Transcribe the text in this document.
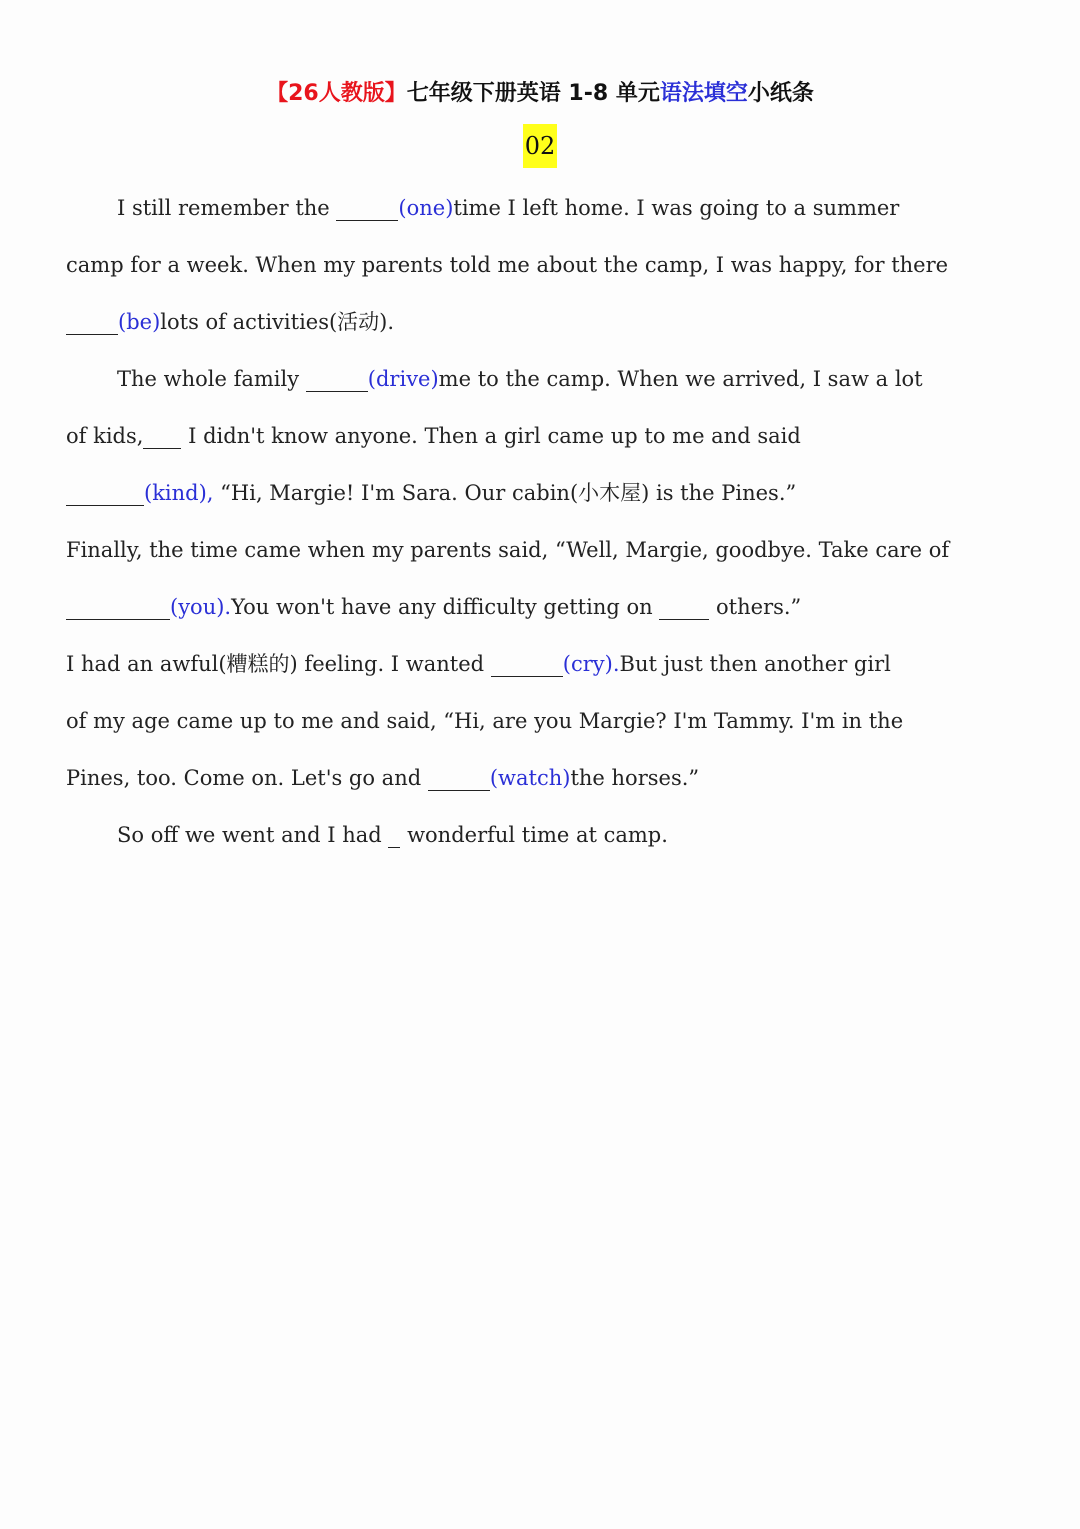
【26人教版】七年级下册英语 1-8 单元语法填空小纸条
02
I still remember the
	(one) time I left home. I was going to a summer
camp for a week. When my parents told me about the camp, I was happy, for there
(be) lots of activities(活动).
The whole family
	(drive) me to the camp. When we arrived, I saw a lot
of kids,
I didn't know anyone. Then a girl came up to me and said
(kind),
“Hi, Margie! I'm Sara. Our cabin(小木屋) is the Pines.”
Finally, the time came when my parents said, “Well, Margie, goodbye. Take care of
(you). You won't have any difficulty getting on

	others.”
I had an awful(糟糕的) feeling. I wanted
	(cry). But just then another girl
of my age came up to me and said, “Hi, are you Margie? I'm Tammy. I'm in the
Pines, too. Come on. Let's go and
	(watch) the horses.”
So off we went and I had

wonderful time at camp.
